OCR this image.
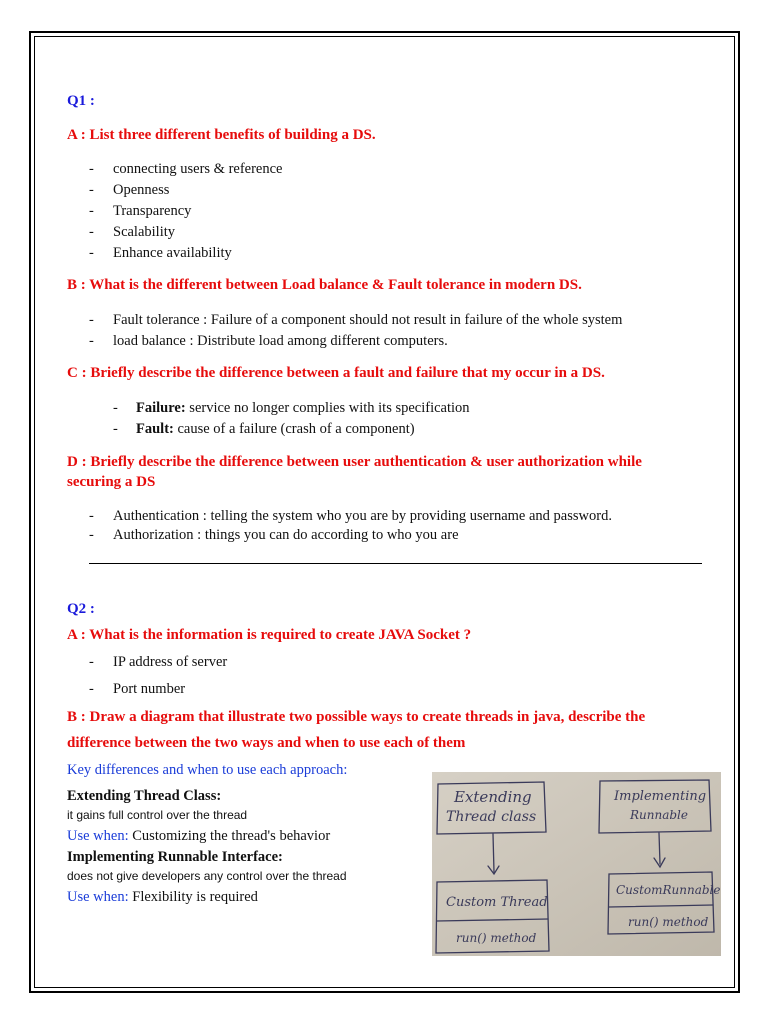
Q1 :
A : List three different benefits of building a DS.
- connecting users & reference
- Openness
- Transparency
- Scalability
- Enhance availability
B : What is the different between Load balance & Fault tolerance in modern DS.
- Fault tolerance : Failure of a component should not result in failure of the whole system
- load balance : Distribute load among different computers.
C : Briefly describe the difference between a fault and failure that my occur in a DS.
- Failure: service no longer complies with its specification
- Fault: cause of a failure (crash of a component)
D : Briefly describe the difference between user authentication & user authorization while
securing a DS
- Authentication : telling the system who you are by providing username and password.
- Authorization : things you can do according to who you are
Q2 :
A : What is the information is required to create JAVA Socket ?
- IP address of server
- Port number
B : Draw a diagram that illustrate two possible ways to create threads in java, describe the
difference between the two ways and when to use each of them
Key differences and when to use each approach:
Extending Thread Class:
it gains full control over the thread
Use when: Customizing the thread's behavior
Implementing Runnable Interface:
does not give developers any control over the thread
Use when: Flexibility is required
Extending
Thread class
Implementing
Runnable
Custom Thread
run() method
CustomRunnable
run() method
